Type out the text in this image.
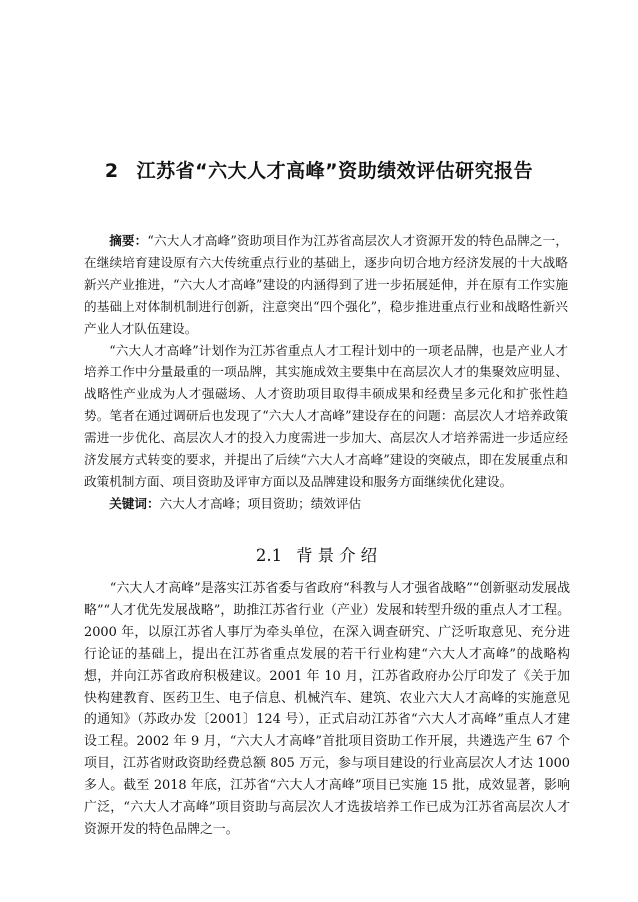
2 江苏省“六大人才高峰”资助绩效评估研究报告

摘要：“六大人才高峰”资助项目作为江苏省高层次人才资源开发的特色品牌之一，在继续培育建设原有六大传统重点行业的基础上，逐步向切合地方经济发展的十大战略新兴产业推进，“六大人才高峰”建设的内涵得到了进一步拓展延伸，并在原有工作实施的基础上对体制机制进行创新，注意突出“四个强化”，稳步推进重点行业和战略性新兴产业人才队伍建设。

“六大人才高峰”计划作为江苏省重点人才工程计划中的一项老品牌，也是产业人才培养工作中分量最重的一项品牌，其实施成效主要集中在高层次人才的集聚效应明显、战略性产业成为人才强磁场、人才资助项目取得丰硕成果和经费呈多元化和扩张性趋势。笔者在通过调研后也发现了“六大人才高峰”建设存在的问题：高层次人才培养政策需进一步优化、高层次人才的投入力度需进一步加大、高层次人才培养需进一步适应经济发展方式转变的要求，并提出了后续“六大人才高峰”建设的突破点，即在发展重点和政策机制方面、项目资助及评审方面以及品牌建设和服务方面继续优化建设。

关键词：六大人才高峰；项目资助；绩效评估

2.1 背景介绍

“六大人才高峰”是落实江苏省委与省政府“科教与人才强省战略”“创新驱动发展战略”“人才优先发展战略”，助推江苏省行业（产业）发展和转型升级的重点人才工程。2000 年，以原江苏省人事厅为牵头单位，在深入调查研究、广泛听取意见、充分进行论证的基础上，提出在江苏省重点发展的若干行业构建“六大人才高峰”的战略构想，并向江苏省政府积极建议。2001 年 10 月，江苏省政府办公厅印发了《关于加快构建教育、医药卫生、电子信息、机械汽车、建筑、农业六大人才高峰的实施意见的通知》（苏政办发〔2001〕124 号），正式启动江苏省“六大人才高峰”重点人才建设工程。2002 年 9 月，“六大人才高峰”首批项目资助工作开展，共遴选产生 67 个项目，江苏省财政资助经费总额 805 万元，参与项目建设的行业高层次人才达 1000 多人。截至 2018 年底，江苏省“六大人才高峰”项目已实施 15 批，成效显著，影响广泛，“六大人才高峰”项目资助与高层次人才选拔培养工作已成为江苏省高层次人才资源开发的特色品牌之一。
